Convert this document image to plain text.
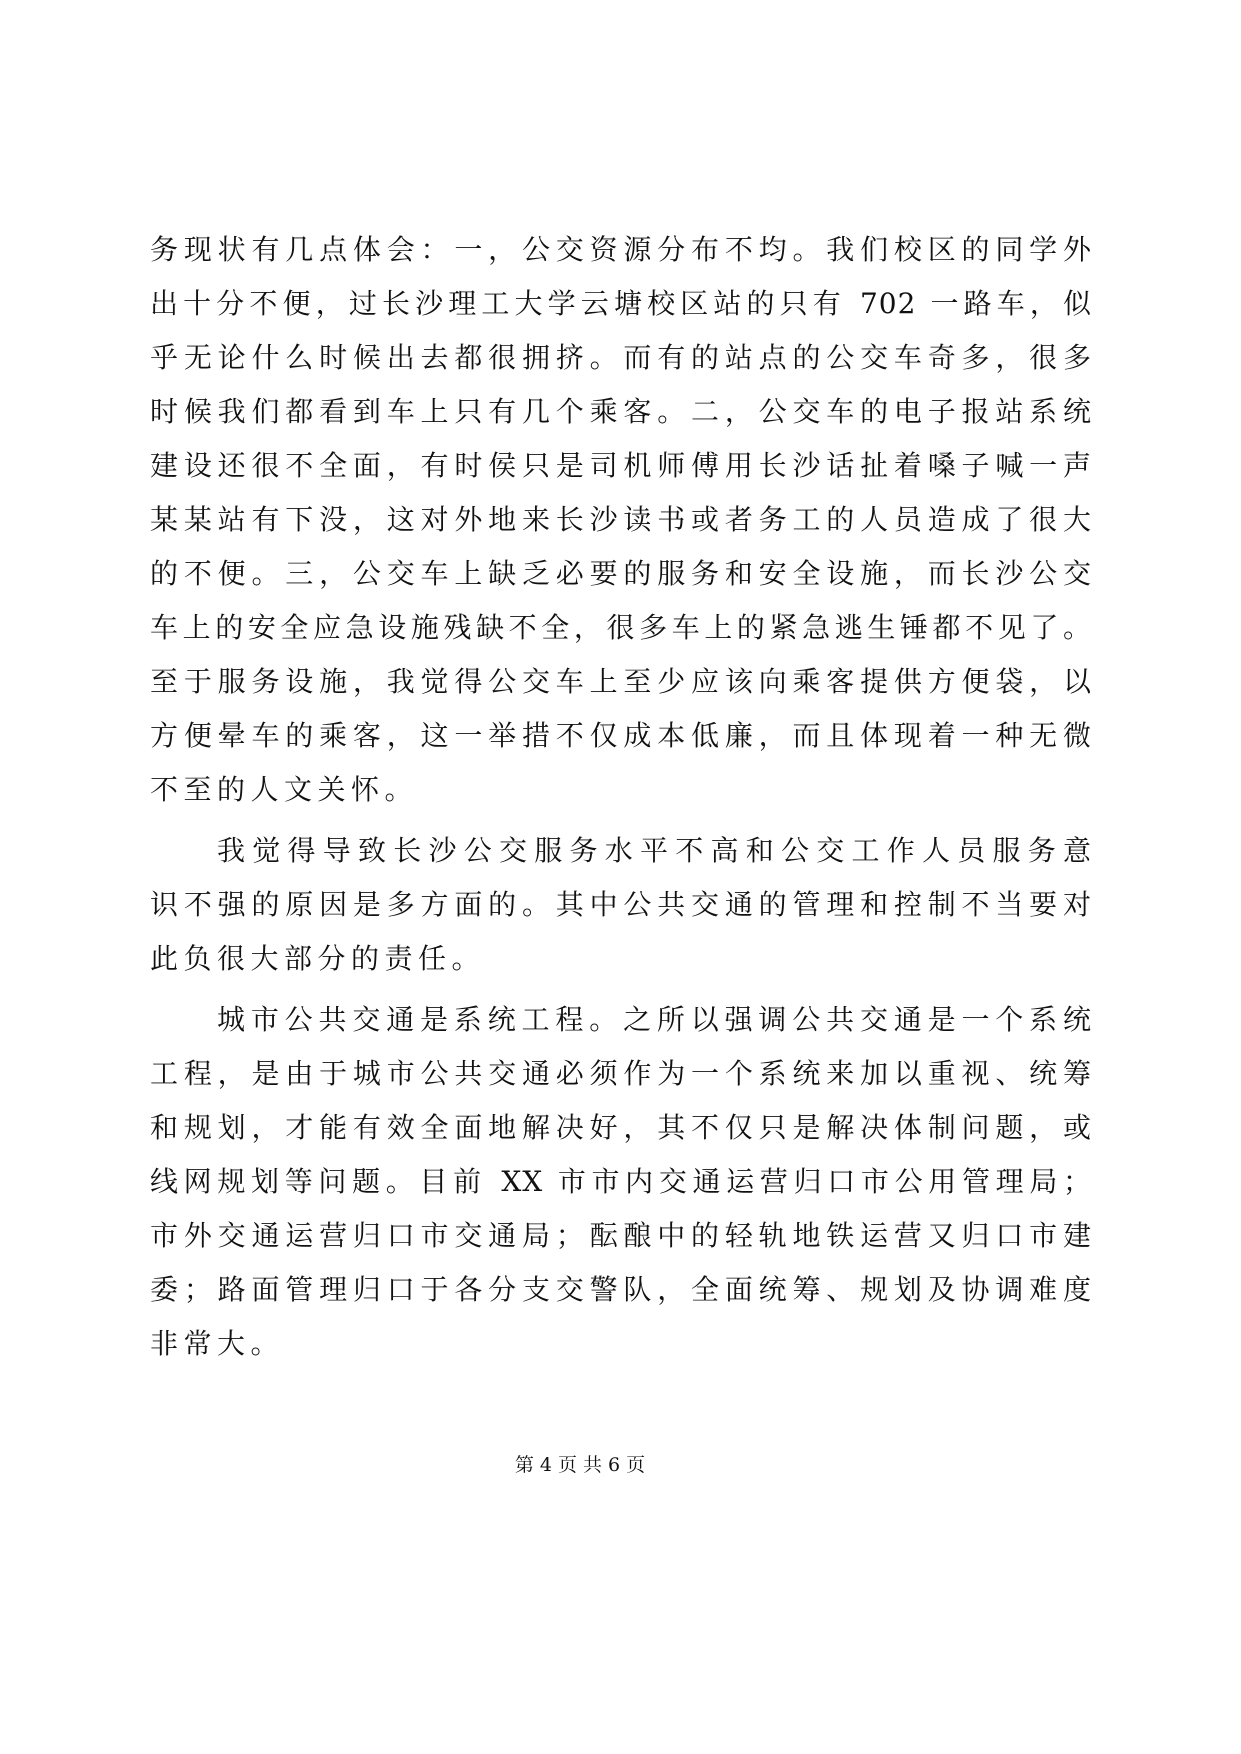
务现状有几点体会：一，公交资源分布不均。我们校区的同学外
出十分不便，过长沙理工大学云塘校区站的只有 702 一路车，似
乎无论什么时候出去都很拥挤。而有的站点的公交车奇多，很多
时候我们都看到车上只有几个乘客。二，公交车的电子报站系统
建设还很不全面，有时侯只是司机师傅用长沙话扯着嗓子喊一声
某某站有下没，这对外地来长沙读书或者务工的人员造成了很大
的不便。三，公交车上缺乏必要的服务和安全设施，而长沙公交
车上的安全应急设施残缺不全，很多车上的紧急逃生锤都不见了。
至于服务设施，我觉得公交车上至少应该向乘客提供方便袋，以
方便晕车的乘客，这一举措不仅成本低廉，而且体现着一种无微
不至的人文关怀。
我觉得导致长沙公交服务水平不高和公交工作人员服务意
识不强的原因是多方面的。其中公共交通的管理和控制不当要对
此负很大部分的责任。
城市公共交通是系统工程。之所以强调公共交通是一个系统
工程，是由于城市公共交通必须作为一个系统来加以重视、统筹
和规划，才能有效全面地解决好，其不仅只是解决体制问题，或
线网规划等问题。目前 XX 市市内交通运营归口市公用管理局；
市外交通运营归口市交通局；酝酿中的轻轨地铁运营又归口市建
委；路面管理归口于各分支交警队，全面统筹、规划及协调难度
非常大。
第 4 页 共 6 页
